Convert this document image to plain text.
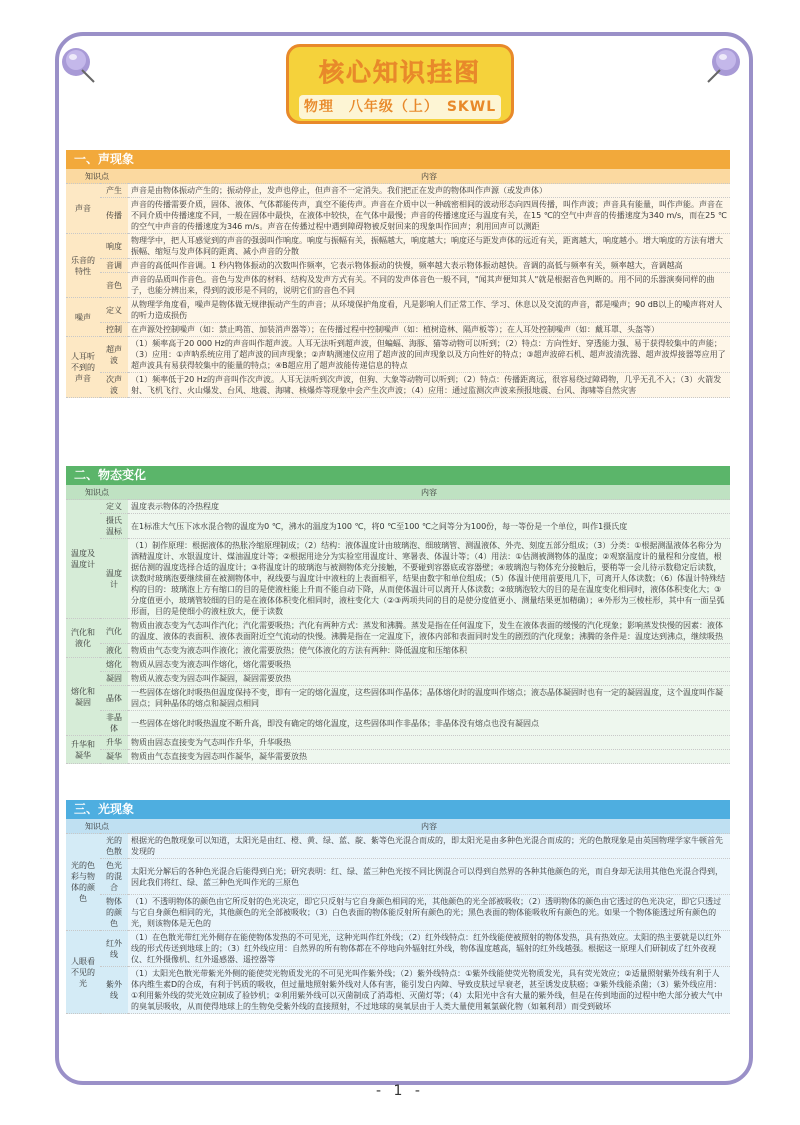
核心知识挂图
物理　八年级（上）　SKWL
一、声现象
知识点		内容
声音	产生	声音是由物体振动产生的；振动停止，发声也停止，但声音不一定消失。我们把正在发声的物体叫作声源（或发声体）
	传播	声音的传播需要介质，固体、液体、气体都能传声，真空不能传声。声音在介质中以一种疏密相间的波动形态向四周传播，叫作声波；声音具有能量，叫作声能。声音在不同介质中传播速度不同，一般在固体中最快，在液体中较快，在气体中最慢；声音的传播速度还与温度有关，在15 ℃的空气中声音的传播速度为340 m/s，而在25 ℃的空气中声音的传播速度为346 m/s。声音在传播过程中遇到障碍物被反射回来的现象叫作回声；利用回声可以测距
乐音的特性	响度	物理学中，把人耳感觉到的声音的强弱叫作响度。响度与振幅有关，振幅越大，响度越大；响度还与距发声体的远近有关，距离越大，响度越小。增大响度的方法有增大振幅、缩短与发声体间的距离、减小声音的分散
	音调	声音的高低叫作音调。1 秒内物体振动的次数叫作频率，它表示物体振动的快慢，频率越大表示物体振动越快。音调的高低与频率有关，频率越大，音调越高
	音色	声音的品质叫作音色。音色与发声体的材料、结构及发声方式有关。不同的发声体音色一般不同，"闻其声便知其人"就是根据音色判断的。用不同的乐器演奏同样的曲子，也能分辨出来，得到的波形是不同的，说明它们的音色不同
噪声	定义	从物理学角度看，噪声是物体做无规律振动产生的声音；从环境保护角度看，凡是影响人们正常工作、学习、休息以及交流的声音，都是噪声；90 dB以上的噪声将对人的听力造成损伤
	控制	在声源处控制噪声（如：禁止鸣笛、加装消声器等）；在传播过程中控制噪声（如：植树造林、隔声板等）；在人耳处控制噪声（如：戴耳罩、头盔等）
人耳听不到的声音	超声波	（1）频率高于20 000 Hz的声音叫作超声波。人耳无法听到超声波，但蝙蝠、海豚、猫等动物可以听到；（2）特点：方向性好、穿透能力强、易于获得较集中的声能；（3）应用：①声呐系统应用了超声波的回声现象；②声呐测速仪应用了超声波的回声现象以及方向性好的特点；③超声波碎石机、超声波清洗器、超声波焊接器等应用了超声波具有易获得较集中的能量的特点；④B超应用了超声波能传递信息的特点
	次声波	（1）频率低于20 Hz的声音叫作次声波。人耳无法听到次声波，但狗、大象等动物可以听到；（2）特点：传播距离远，很容易绕过障碍物，几乎无孔不入；（3）火箭发射、飞机飞行、火山爆发、台风、地震、海啸、核爆炸等现象中会产生次声波；（4）应用：通过监测次声波来预报地震、台风、海啸等自然灾害
二、物态变化
知识点		内容
温度及温度计	定义	温度表示物体的冷热程度
	摄氏温标	在1标准大气压下冰水混合物的温度为0 ℃，沸水的温度为100 ℃，将0 ℃至100 ℃之间等分为100份，每一等份是一个单位，叫作1摄氏度
	温度计	（1）制作原理：根据液体的热胀冷缩原理制成；（2）结构：液体温度计由玻璃泡、细玻璃管、测温液体、外壳、刻度五部分组成；（3）分类：①根据测温液体名称分为酒精温度计、水银温度计、煤油温度计等；②根据用途分为实验室用温度计、寒暑表、体温计等；（4）用法：①估测被测物体的温度；②观察温度计的量程和分度值，根据估测的温度选择合适的温度计；③将温度计的玻璃泡与被测物体充分接触，不要碰到容器底或容器壁；④玻璃泡与物体充分接触后，要稍等一会儿待示数稳定后读数，读数时玻璃泡要继续留在被测物体中，视线要与温度计中液柱的上表面相平，结果由数字和单位组成；（5）体温计使用前要甩几下，可离开人体读数；（6）体温计特殊结构的目的：玻璃泡上方有缩口的目的是使液柱能上升而不能自动下降，从而使体温计可以离开人体读数；②玻璃泡较大的目的是在温度变化相同时，液体体积变化大；③分度值更小，玻璃管较细的目的是在液体体积变化相同时，液柱变化大（②③两项共同的目的是使分度值更小、测量结果更加精确）；④外形为三棱柱形，其中有一面呈弧形面，目的是使细小的液柱放大，便于读数
汽化和液化	汽化	物质由液态变为气态叫作汽化；汽化需要吸热；汽化有两种方式：蒸发和沸腾。蒸发是指在任何温度下，发生在液体表面的缓慢的汽化现象；影响蒸发快慢的因素：液体的温度、液体的表面积、液体表面附近空气流动的快慢。沸腾是指在一定温度下，液体内部和表面同时发生的剧烈的汽化现象；沸腾的条件是：温度达到沸点，继续吸热
	液化	物质由气态变为液态叫作液化；液化需要放热；使气体液化的方法有两种：降低温度和压缩体积
熔化和凝固	熔化	物质从固态变为液态叫作熔化，熔化需要吸热
	凝固	物质从液态变为固态叫作凝固，凝固需要放热
	晶体	一些固体在熔化时吸热但温度保持不变，即有一定的熔化温度，这些固体叫作晶体；晶体熔化时的温度叫作熔点；液态晶体凝固时也有一定的凝固温度，这个温度叫作凝固点；同种晶体的熔点和凝固点相同
	非晶体	一些固体在熔化时吸热温度不断升高，即没有确定的熔化温度，这些固体叫作非晶体；非晶体没有熔点也没有凝固点
升华和凝华	升华	物质由固态直接变为气态叫作升华，升华吸热
	凝华	物质由气态直接变为固态叫作凝华，凝华需要放热
三、光现象
知识点		内容
光的色彩与物体的颜色	光的色散	根据光的色散现象可以知道，太阳光是由红、橙、黄、绿、蓝、靛、紫等色光混合而成的，即太阳光是由多种色光混合而成的；光的色散现象是由英国物理学家牛顿首先发现的
	色光的混合	太阳光分解后的各种色光混合后能得到白光；研究表明：红、绿、蓝三种色光按不同比例混合可以得到自然界的各种其他颜色的光，而自身却无法用其他色光混合得到，因此我们将红、绿、蓝三种色光叫作光的三原色
	物体的颜色	（1）不透明物体的颜色由它所反射的色光决定，即它只反射与它自身颜色相同的光，其他颜色的光全部被吸收；（2）透明物体的颜色由它透过的色光决定，即它只透过与它自身颜色相同的光，其他颜色的光全部被吸收；（3）白色表面的物体能反射所有颜色的光；黑色表面的物体能吸收所有颜色的光。如果一个物体能透过所有颜色的光，则该物体是无色的
人眼看不见的光	红外线	（1）在色散光带红光外侧存在能使物体发热的不可见光，这种光叫作红外线；（2）红外线特点：红外线能使被照射的物体发热，具有热效应。太阳的热主要就是以红外线的形式传送到地球上的；（3）红外线应用：自然界的所有物体都在不停地向外辐射红外线，物体温度越高，辐射的红外线越强。根据这一原理人们研制成了红外夜视仪、红外摄像机、红外遥感器、遥控器等
	紫外线	（1）太阳光色散光带紫光外侧的能使荧光物质发光的不可见光叫作紫外线；（2）紫外线特点：①紫外线能使荧光物质发光，具有荧光效应；②适量照射紫外线有利于人体内维生素D的合成，有利于钙质的吸收，但过量地照射紫外线对人体有害，能引发白内障、导致皮肤过早衰老，甚至诱发皮肤癌；③紫外线能杀菌；（3）紫外线应用：①利用紫外线的荧光效应制成了验钞机；②利用紫外线可以灭菌制成了消毒柜、灭菌灯等；（4）太阳光中含有大量的紫外线，但是在传到地面的过程中绝大部分被大气中的臭氧层吸收，从而使得地球上的生物免受紫外线的直接照射，不过地球的臭氧层由于人类大量使用氟氯碳化物（如氟利昂）而受到破坏
- 1 -
